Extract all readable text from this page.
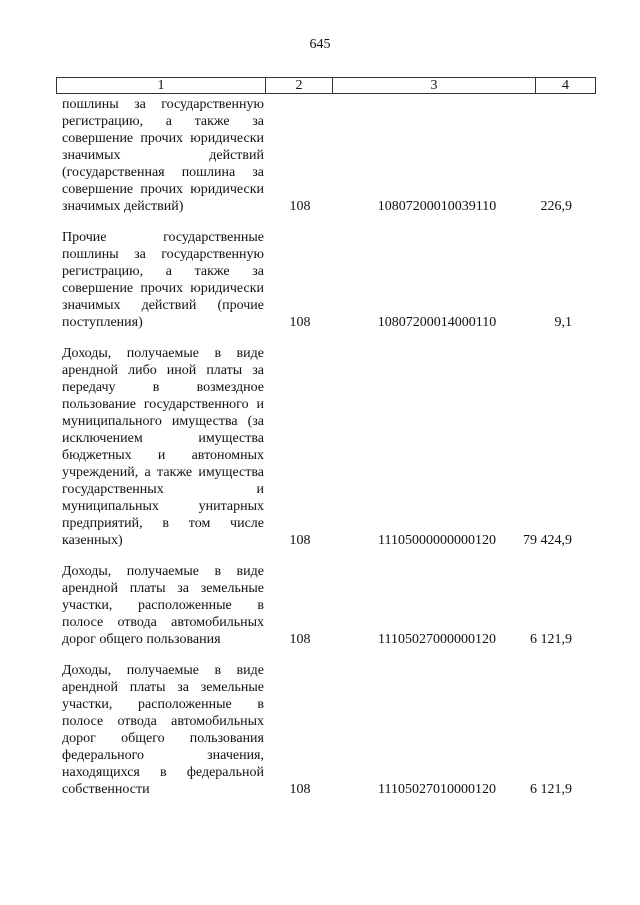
645
1	2	3	4
пошлины за государственную регистрацию, а также за совершение прочих юридически значимых действий (государственная пошлина за совершение прочих юридически значимых действий)	108	10807200010039110	226,9
Прочие государственные пошлины за государственную регистрацию, а также за совершение прочих юридически значимых действий (прочие поступления)	108	10807200014000110	9,1
Доходы, получаемые в виде арендной либо иной платы за передачу в возмездное пользование государственного и муниципального имущества (за исключением имущества бюджетных и автономных учреждений, а также имущества государственных и муниципальных унитарных предприятий, в том числе казенных)	108	11105000000000120	79 424,9
Доходы, получаемые в виде арендной платы за земельные участки, расположенные в полосе отвода автомобильных дорог общего пользования	108	11105027000000120	6 121,9
Доходы, получаемые в виде арендной платы за земельные участки, расположенные в полосе отвода автомобильных дорог общего пользования федерального значения, находящихся в федеральной собственности	108	11105027010000120	6 121,9
